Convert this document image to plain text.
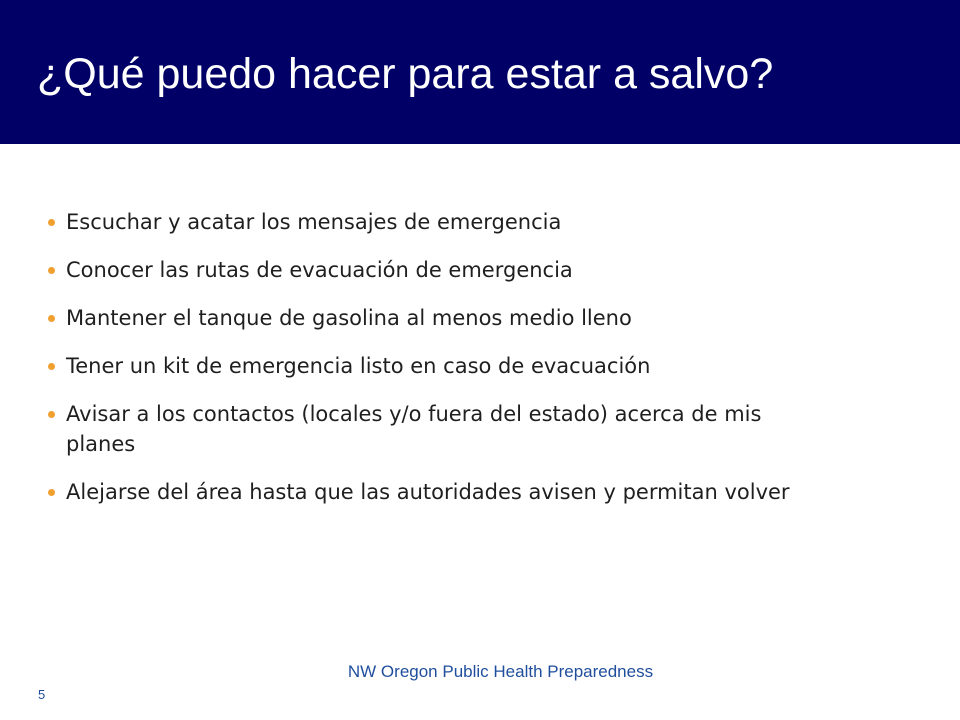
¿Qué puedo hacer para estar a salvo?
Escuchar y acatar los mensajes de emergencia
Conocer las rutas de evacuación de emergencia
Mantener el tanque de gasolina al menos medio lleno
Tener un kit de emergencia listo en caso de evacuación
Avisar a los contactos (locales y/o fuera del estado) acerca de mis planes
Alejarse del área hasta que las autoridades avisen y permitan volver
NW Oregon Public Health Preparedness
5
